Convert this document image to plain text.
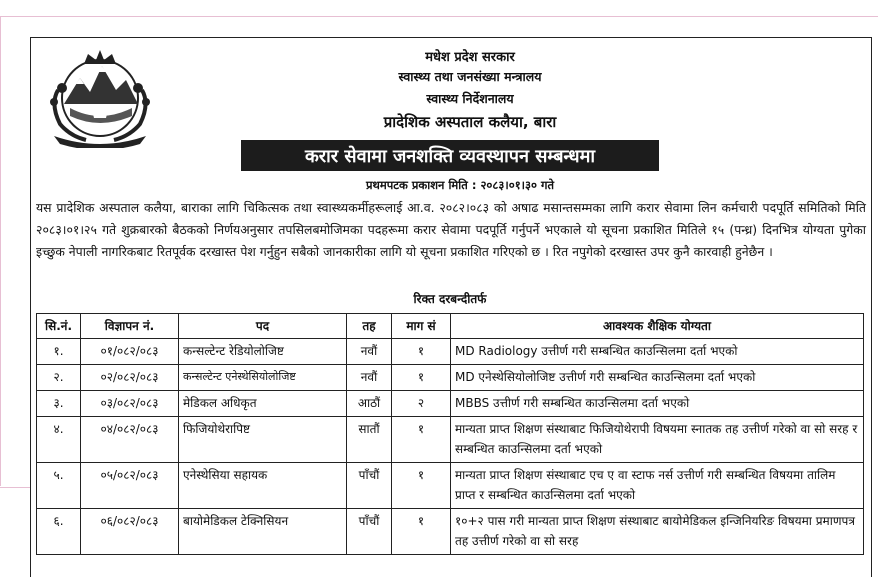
मधेश प्रदेश सरकार
स्वास्थ्य तथा जनसंख्या मन्त्रालय
स्वास्थ्य निर्देशनालय
प्रादेशिक अस्पताल कलैया, बारा
करार सेवामा जनशक्ति व्यवस्थापन सम्बन्धमा
प्रथमपटक प्रकाशन मिति : २०८३।०१।३० गते
यस प्रादेशिक अस्पताल कलैया, बाराका लागि चिकित्सक तथा स्वास्थ्यकर्मीहरूलाई आ.व. २०८२।०८३ को अषाढ मसान्तसम्मका लागि करार सेवामा लिन कर्मचारी पदपूर्ति समितिको मिति २०८३।०१।२५ गते शुक्रबारको बैठकको निर्णयअनुसार तपसिलबमोजिमका पदहरूमा करार सेवामा पदपूर्ति गर्नुपर्ने भएकाले यो सूचना प्रकाशित मितिले १५ (पन्ध्र) दिनभित्र योग्यता पुगेका इच्छुक नेपाली नागरिकबाट रितपूर्वक दरखास्त पेश गर्नुहुन सबैको जानकारीका लागि यो सूचना प्रकाशित गरिएको छ । रित नपुगेको दरखास्त उपर कुनै कारवाही हुनेछैन ।
रिक्त दरबन्दीतर्फ
सि.नं.	विज्ञापन नं.	पद	तह	माग सं	आवश्यक शैक्षिक योग्यता
१.	०१/०८२/०८३	कन्सल्टेन्ट रेडियोलोजिष्ट	नवौं	१	MD Radiology उत्तीर्ण गरी सम्बन्धित काउन्सिलमा दर्ता भएको
२.	०२/०८२/०८३	कन्सल्टेन्ट एनेस्थेसियोलोजिष्ट	नवौं	१	MD एनेस्थेसियोलोजिष्ट उत्तीर्ण गरी सम्बन्धित काउन्सिलमा दर्ता भएको
३.	०३/०८२/०८३	मेडिकल अधिकृत	आठौं	२	MBBS उत्तीर्ण गरी सम्बन्धित काउन्सिलमा दर्ता भएको
४.	०४/०८२/०८३	फिजियोथेरापिष्ट	सातौं	१	मान्यता प्राप्त शिक्षण संस्थाबाट फिजियोथेरापी विषयमा स्नातक तह उत्तीर्ण गरेको वा सो सरह र सम्बन्धित काउन्सिलमा दर्ता भएको
५.	०५/०८२/०८३	एनेस्थेसिया सहायक	पाँचौं	१	मान्यता प्राप्त शिक्षण संस्थाबाट एच ए वा स्टाफ नर्स उत्तीर्ण गरी सम्बन्धित विषयमा तालिम प्राप्त र सम्बन्धित काउन्सिलमा दर्ता भएको
६.	०६/०८२/०८३	बायोमेडिकल टेक्निसियन	पाँचौं	१	१०+२ पास गरी मान्यता प्राप्त शिक्षण संस्थाबाट बायोमेडिकल इन्जिनियरिङ विषयमा प्रमाणपत्र तह उत्तीर्ण गरेको वा सो सरह
